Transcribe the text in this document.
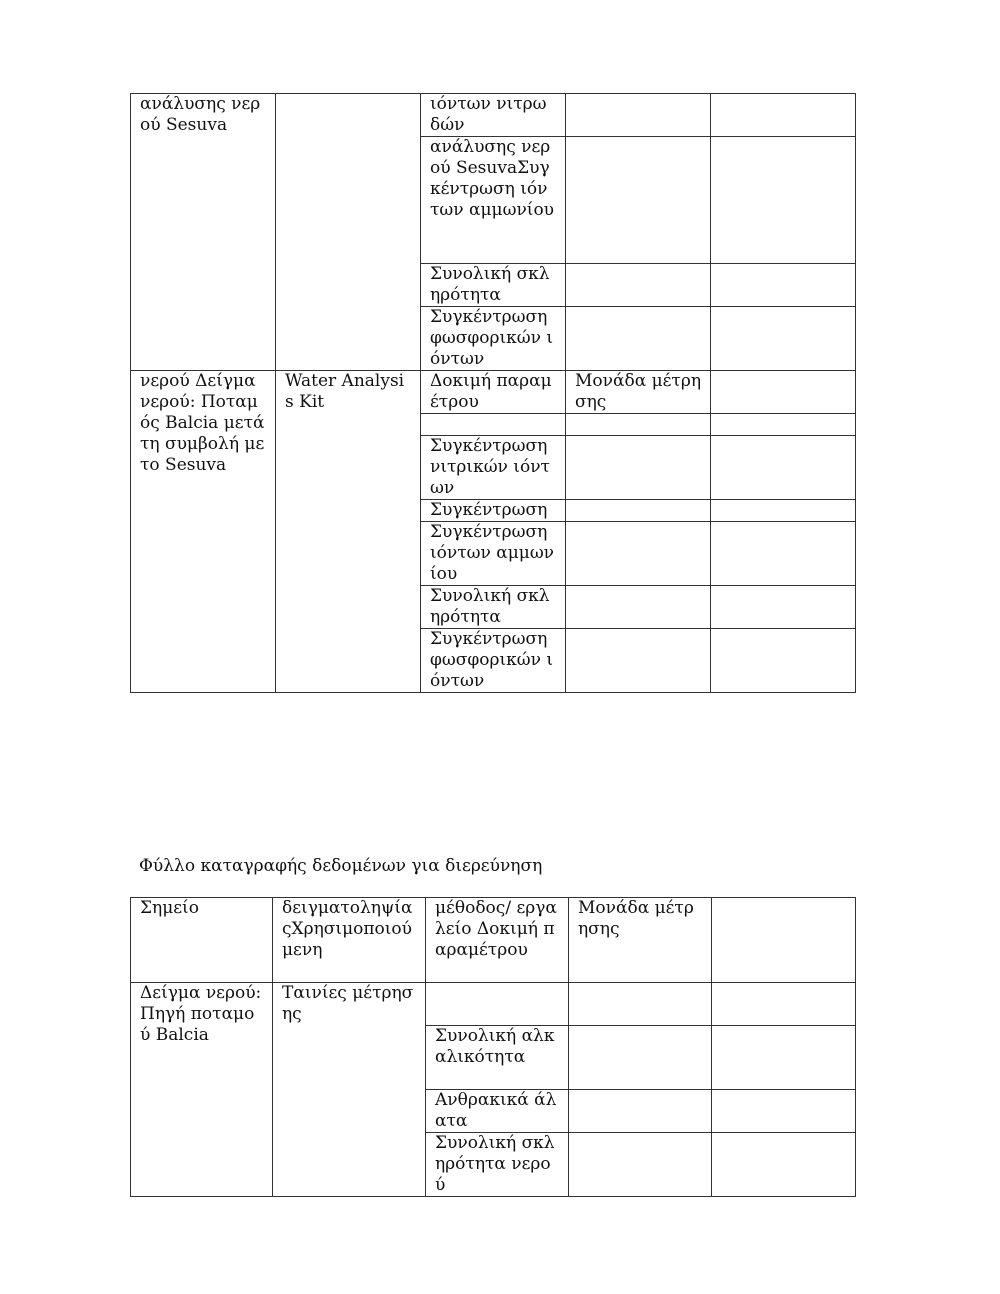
ανάλυσης νερού Sesuva		ιόντων νιτρωδών		
		ανάλυσης νερού SesuvaΣυγκέντρωση ιόντων αμμωνίου		
		Συνολική σκληρότητα		
		Συγκέντρωση φωσφορικών ιόντων		
νερού Δείγμα νερού: Ποταμός Balcia μετά τη συμβολή με το Sesuva	Water Analysis Kit	Δοκιμή παραμέτρου	Μονάδα μέτρησης	

		Συγκέντρωση νιτρικών ιόντων		
		Συγκέντρωση		
		Συγκέντρωση ιόντων αμμωνίου		
		Συνολική σκληρότητα		
		Συγκέντρωση φωσφορικών ιόντων		

Φύλλο καταγραφής δεδομένων για διερεύνηση

Σημείο	δειγματοληψίαςΧρησιμοποιούμενη	μέθοδος/ εργαλείο Δοκιμή παραμέτρου	Μονάδα μέτρησης	
Δείγμα νερού: Πηγή ποταμού Balcia	Ταινίες μέτρησης			
		Συνολική αλκαλικότητα		
		Ανθρακικά άλατα		
		Συνολική σκληρότητα νερού		
